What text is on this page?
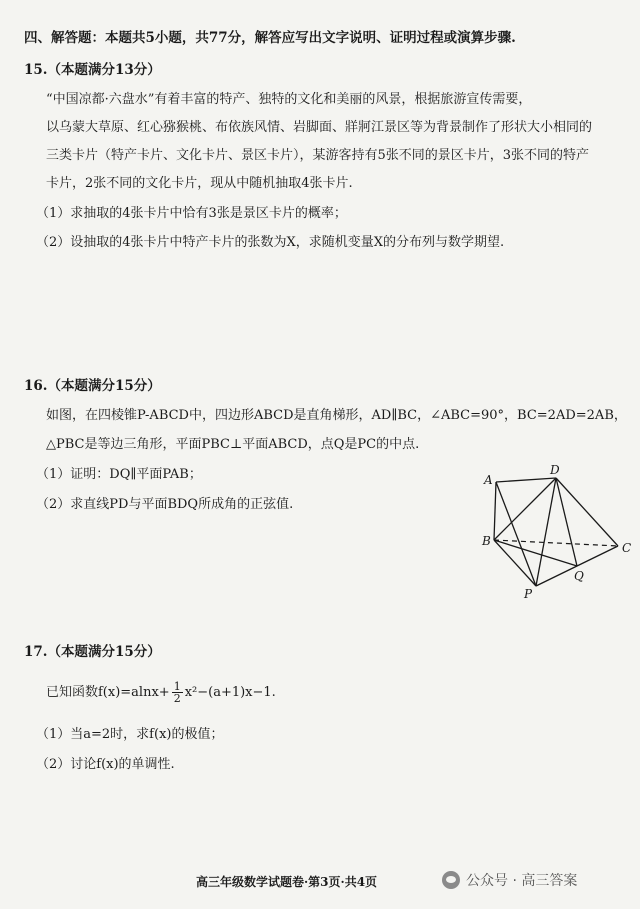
四、解答题：本题共5小题，共77分，解答应写出文字说明、证明过程或演算步骤.
15.（本题满分13分）
“中国凉都·六盘水”有着丰富的特产、独特的文化和美丽的风景，根据旅游宣传需要，
以乌蒙大草原、红心猕猴桃、布依族风情、岩脚面、牂牁江景区等为背景制作了形状大小相同的
三类卡片（特产卡片、文化卡片、景区卡片），某游客持有5张不同的景区卡片，3张不同的特产
卡片，2张不同的文化卡片，现从中随机抽取4张卡片.
（1）求抽取的4张卡片中恰有3张是景区卡片的概率；
（2）设抽取的4张卡片中特产卡片的张数为X，求随机变量X的分布列与数学期望.
16.（本题满分15分）
如图，在四棱锥P-ABCD中，四边形ABCD是直角梯形，AD∥BC，∠ABC=90°，BC=2AD=2AB，
△PBC是等边三角形，平面PBC⊥平面ABCD，点Q是PC的中点.
（1）证明：DQ∥平面PAB；
（2）求直线PD与平面BDQ所成角的正弦值.
A
D
B	C
Q
P
17.（本题满分15分）
已知函数$f(x)=alnx+ \frac{1}{2} x^2-(a+1)x-1$.
（1）当a=2时，求f(x)的极值；
（2）讨论f(x)的单调性.
高三年级数学试题卷·第3页·共4页	公众号 · 高三答案
